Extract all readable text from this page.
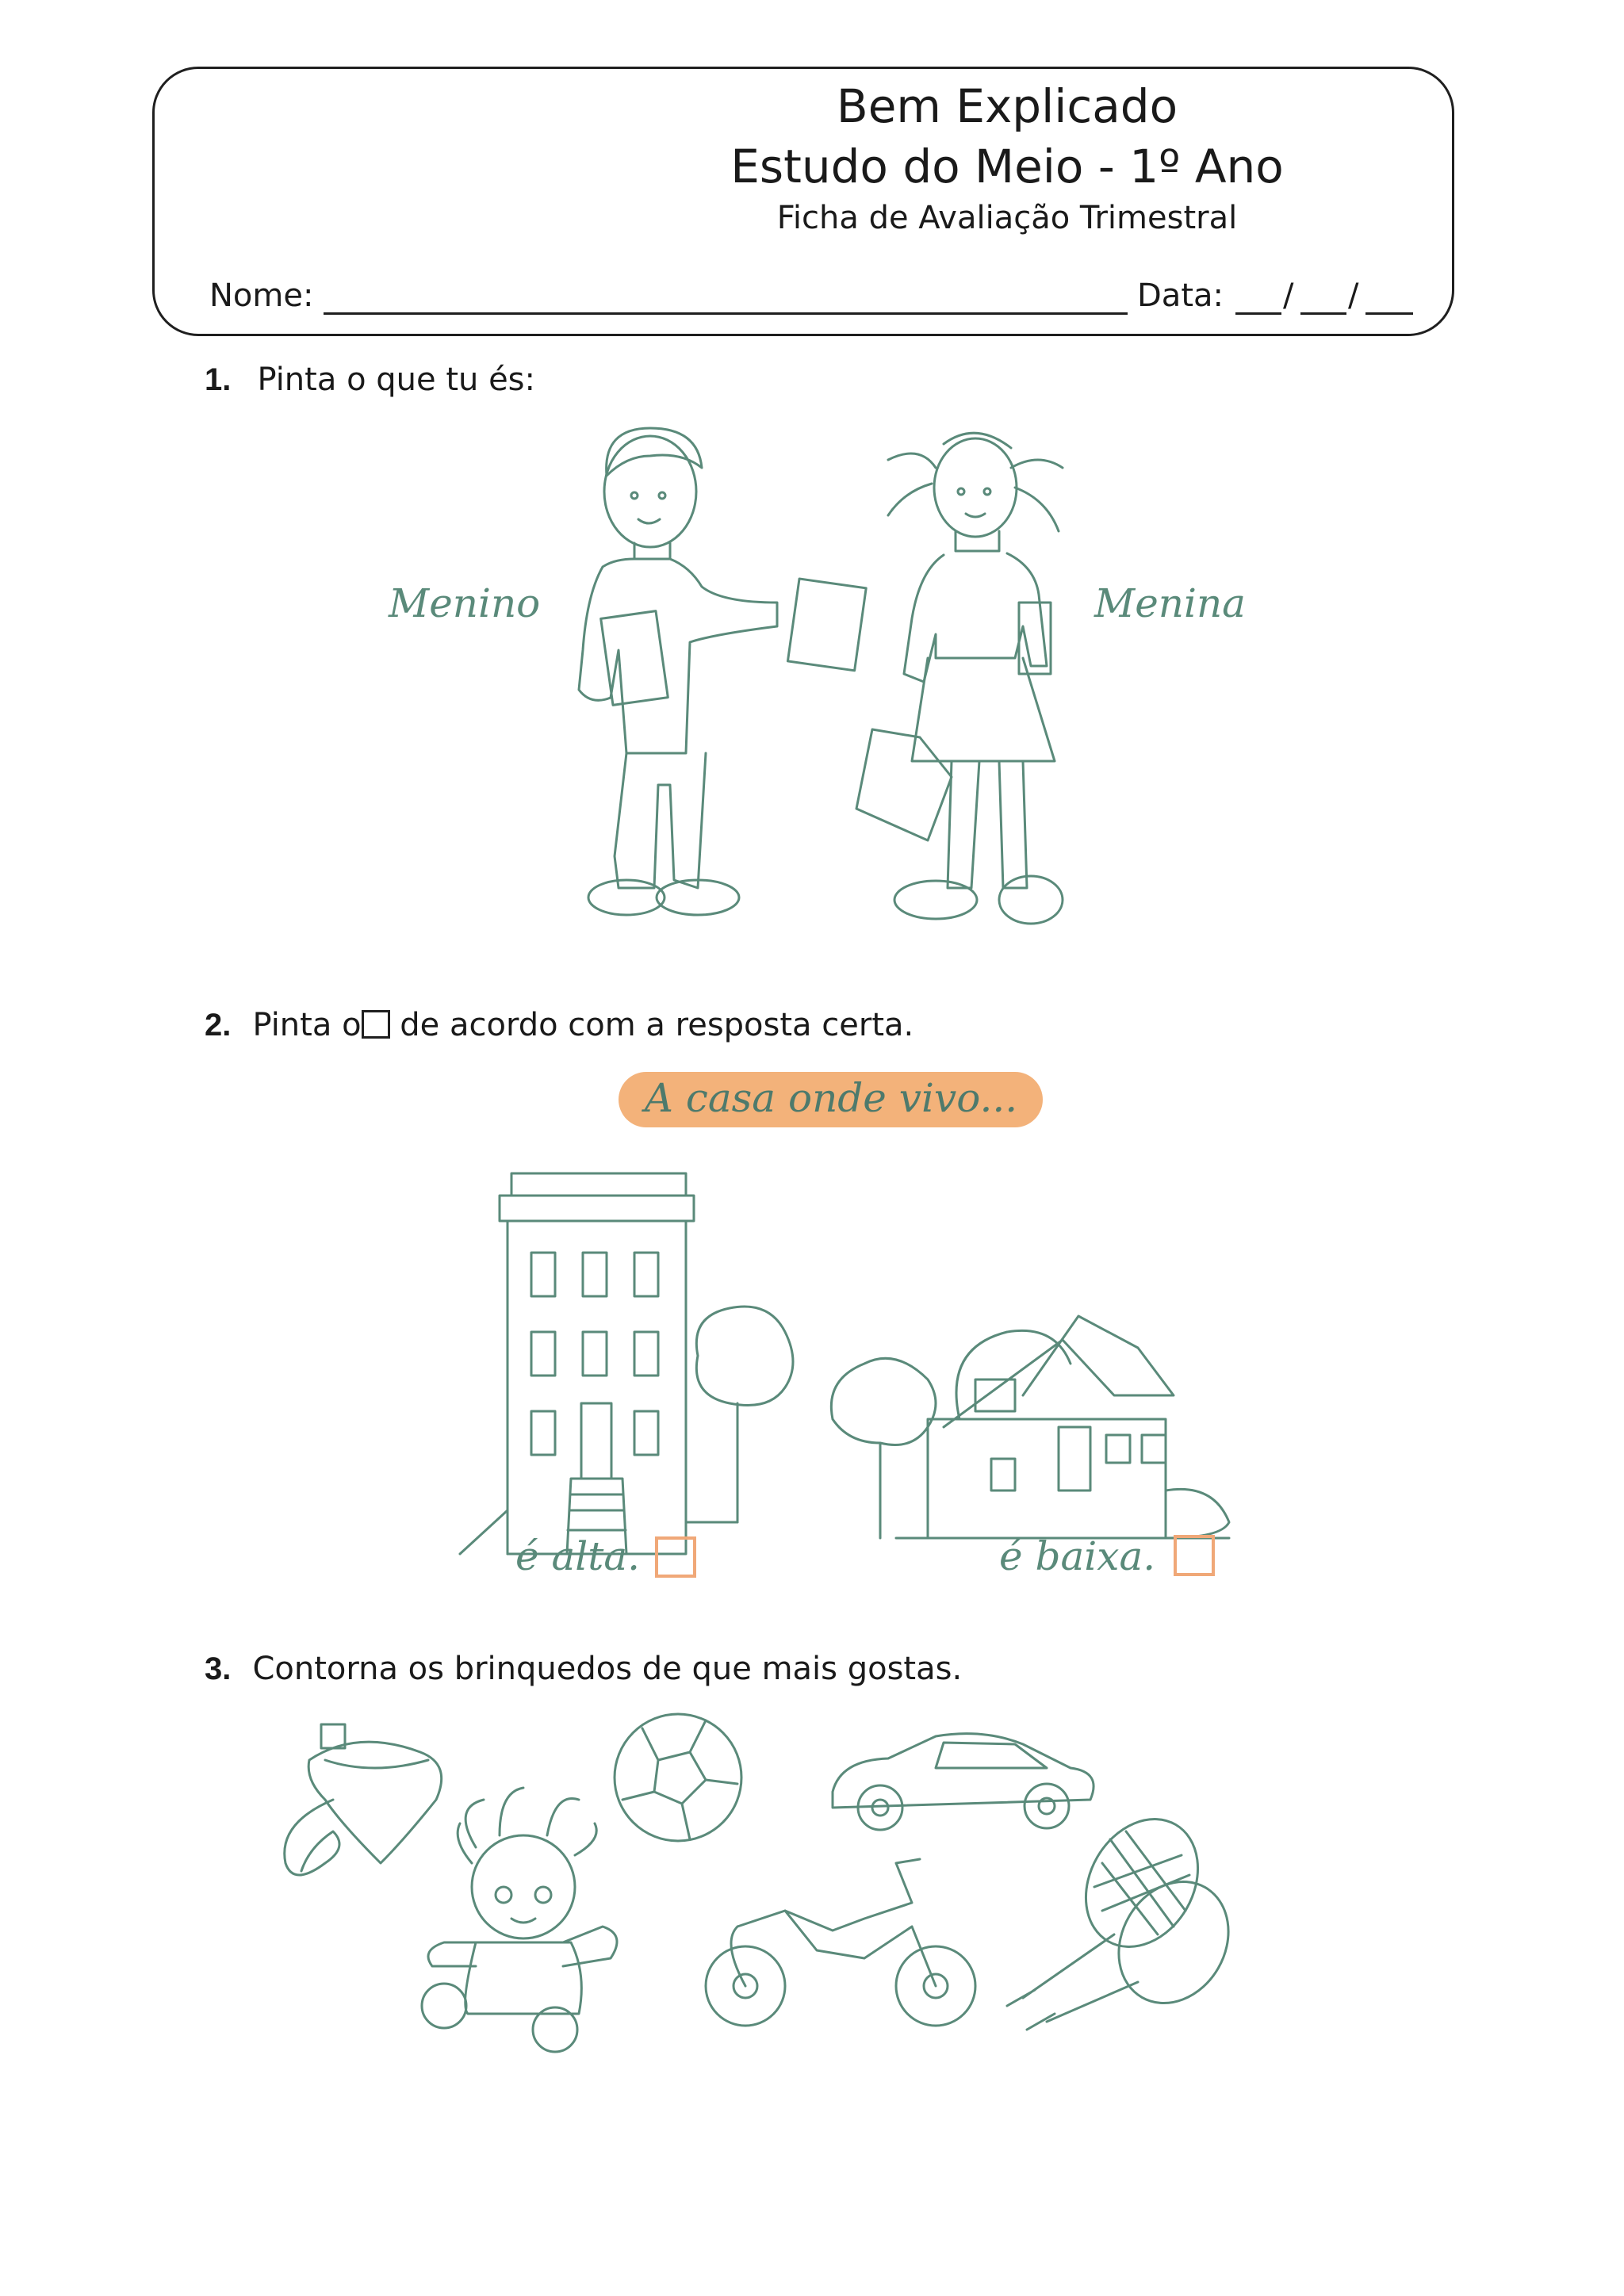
Bem Explicado
Estudo do Meio - 1º Ano
Ficha de Avaliação Trimestral
Nome:	Data: / /
1. Pinta o que tu és:
Menino	Menina
2. Pinta o de acordo com a resposta certa.
A casa onde vivo...
é alta.	é baixa.
3. Contorna os brinquedos de que mais gostas.
